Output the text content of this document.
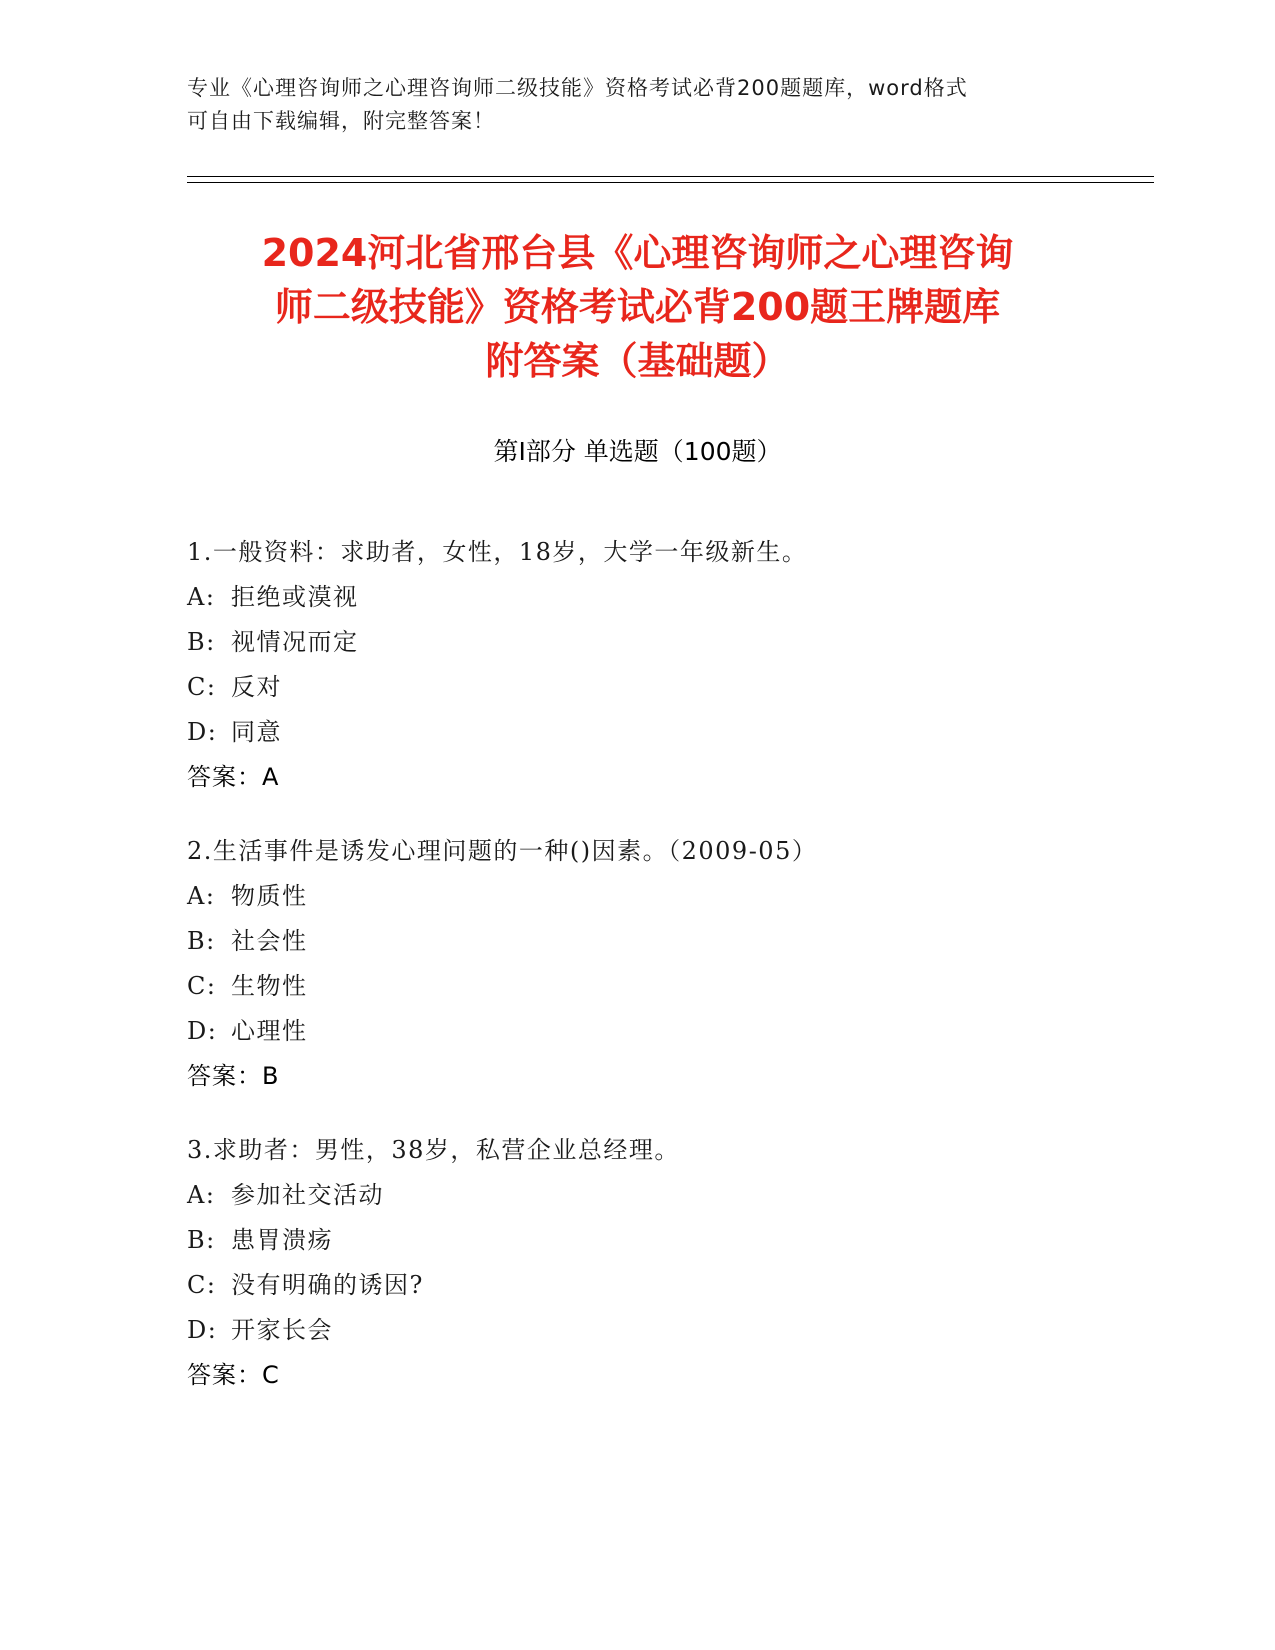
专业《心理咨询师之心理咨询师二级技能》资格考试必背200题题库，word格式
可自由下载编辑，附完整答案！
2024河北省邢台县《心理咨询师之心理咨询
师二级技能》资格考试必背200题王牌题库
附答案（基础题）
第Ⅰ部分 单选题（100题）
1.一般资料：求助者，女性，18岁，大学一年级新生。
A: 拒绝或漠视
B: 视情况而定
C: 反对
D: 同意
答案：A
2.生活事件是诱发心理问题的一种()因素。（2009-05）
A: 物质性
B: 社会性
C: 生物性
D: 心理性
答案：B
3.求助者：男性，38岁，私营企业总经理。
A: 参加社交活动
B: 患胃溃疡
C: 没有明确的诱因?
D: 开家长会
答案：C
